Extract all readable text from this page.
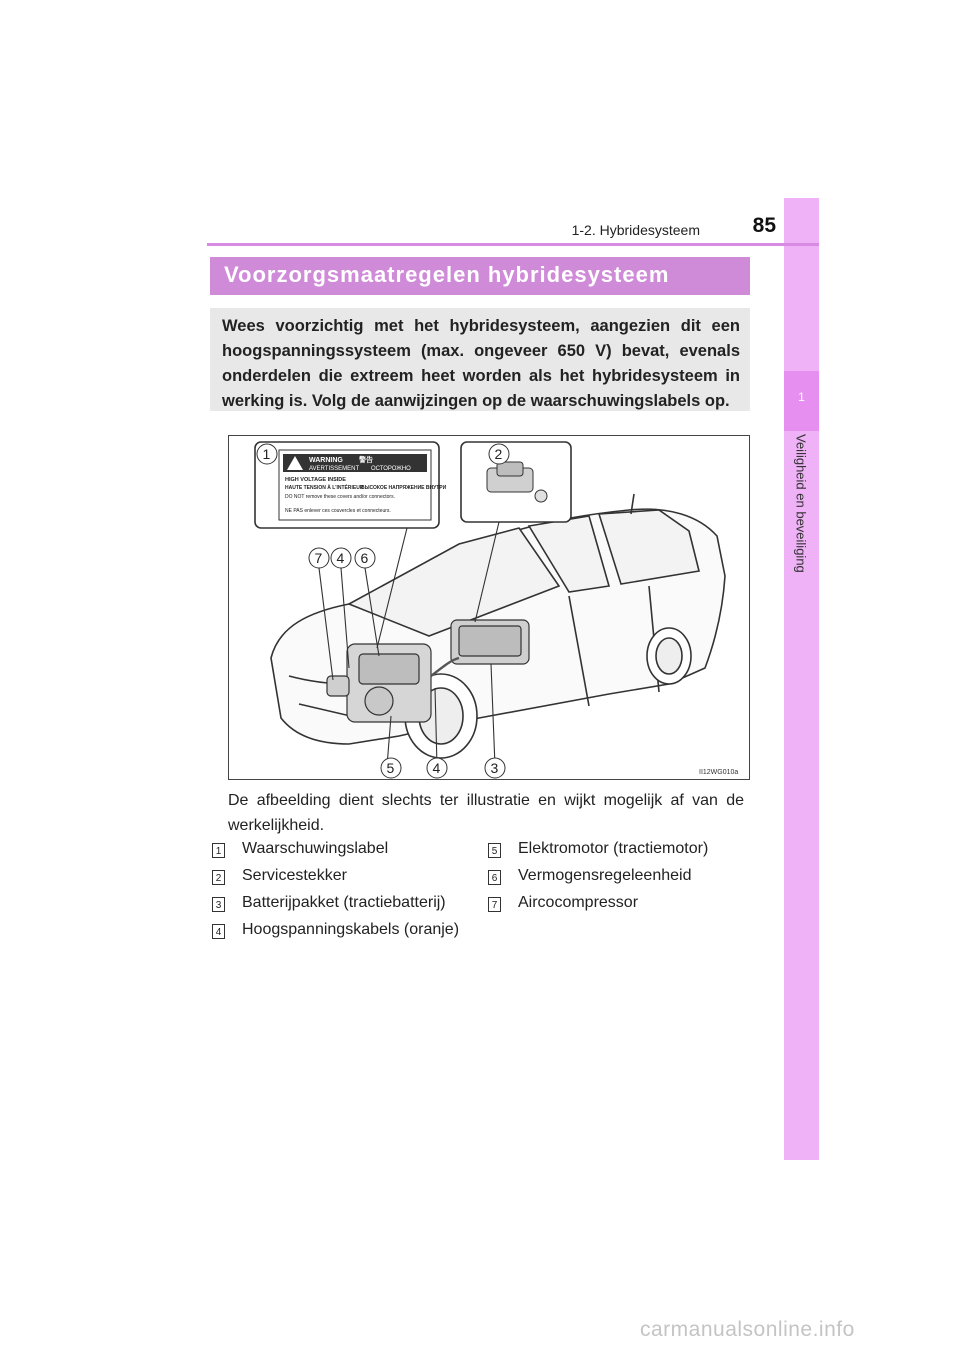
1
Veiligheid en beveiliging
1-2. Hybridesysteem	85
Voorzorgsmaatregelen hybridesysteem
Wees voorzichtig met het hybridesysteem, aangezien dit een hoogspanningssysteem (max. ongeveer 650 V) bevat, evenals onderdelen die extreem heet worden als het hybridesysteem in werking is. Volg de aanwijzingen op de waarschuwingslabels op.
WARNING 警告
AVERTISSEMENT ОСТОРОЖНО
HIGH VOLTAGE INSIDE
HAUTE TENSION À L'INTÉRIEUR
ВЫСОКОЕ НАПРЯЖЕНИЕ ВНУТРИ
DO NOT remove these covers and/or connectors.
NE PAS enlever ces couvercles et connecteurs.
1	2
7 4 6
5	4	3	II12WG010a
De afbeelding dient slechts ter illustratie en wijkt mogelijk af van de werkelijkheid.
1 Waarschuwingslabel
2 Servicestekker
3 Batterijpakket (tractiebatterij)
4 Hoogspanningskabels (oranje)
5 Elektromotor (tractiemotor)
6 Vermogensregeleenheid
7 Aircocompressor
carmanualsonline.info
